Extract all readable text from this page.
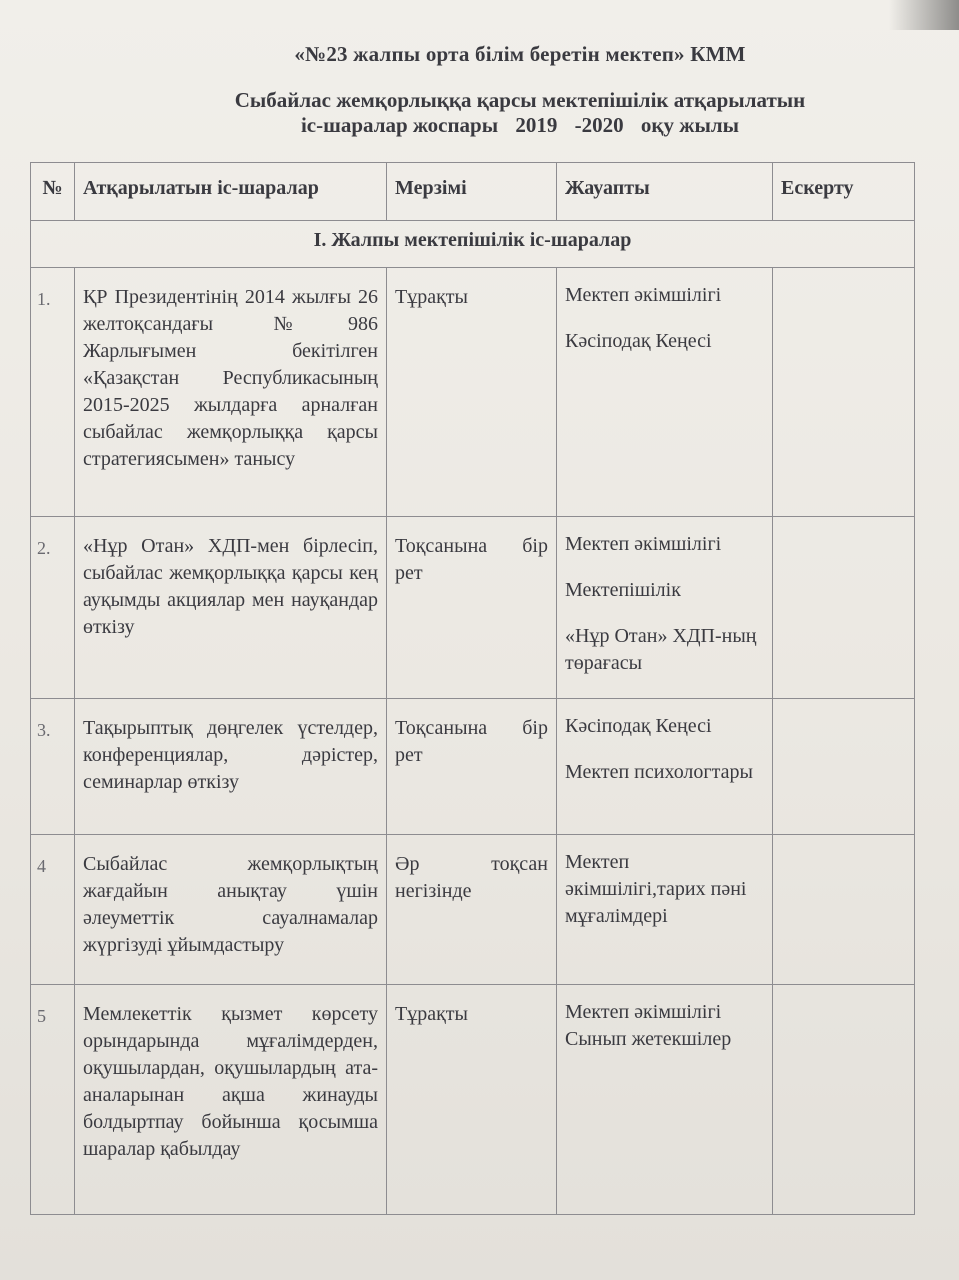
«№23 жалпы орта білім беретін мектеп» КММ
Сыбайлас жемқорлыққа қарсы мектепішілік атқарылатын
іс-шаралар жоспары 2019 -2020 оқу жылы
№	Атқарылатын іс-шаралар	Мерзімі	Жауапты	Ескерту
І. Жалпы мектепішілік іс-шаралар				
1.	ҚР Президентінің 2014 жылғы 26 желтоқсандағы №986 Жарлығымен бекітілген «Қазақстан Республикасының 2015-2025 жылдарға арналған сыбайлас жемқорлыққа қарсы стратегиясымен» танысу	Тұрақты	Мектеп әкімшілігі
Кәсіподақ Кеңесі	

2.	«Нұр Отан» ХДП-мен бірлесіп, сыбайлас жемқорлыққа қарсы кең ауқымды акциялар мен науқандар өткізу	Тоқсанына бір рет	Мектеп әкімшілігі
Мектепішілік
«Нұр Отан» ХДП-ның төрағасы	

3.	Тақырыптық дөңгелек үстелдер, конференциялар, дәрістер, семинарлар өткізу	Тоқсанына бір рет	Кәсіподақ Кеңесі
Мектеп психологтары	

4	Сыбайлас жемқорлықтың жағдайын анықтау үшін әлеуметтік сауалнамалар жүргізуді ұйымдастыру	Әр тоқсан негізінде	Мектеп әкімшілігі,тарих пәні мұғалімдері	

5	Мемлекеттік қызмет көрсету орындарында мұғалімдерден, оқушылардан, оқушылардың ата-аналарынан ақша жинауды болдыртпау бойынша қосымша шаралар қабылдау	Тұрақты	Мектеп әкімшілігі Сынып жетекшілер	
